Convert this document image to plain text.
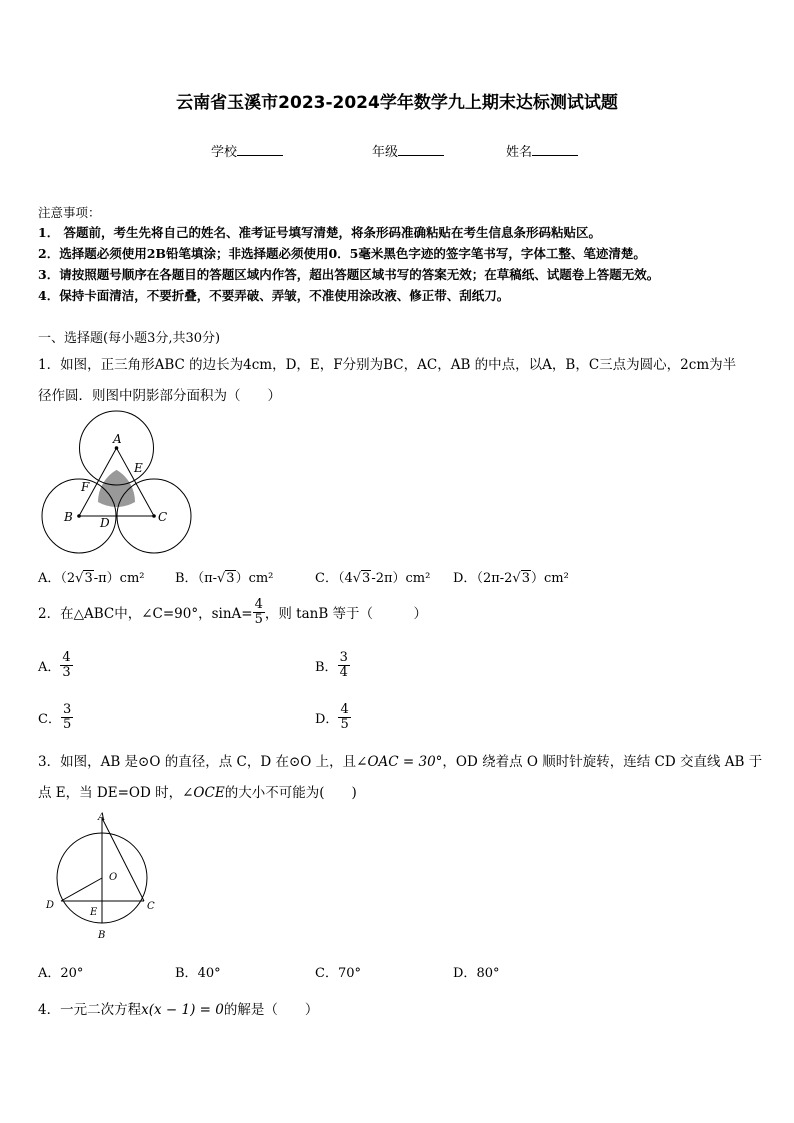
云南省玉溪市2023-2024学年数学九上期末达标测试试题
学校	年级	姓名
注意事项：
1． 答题前，考生先将自己的姓名、准考证号填写清楚，将条形码准确粘贴在考生信息条形码粘贴区。
2．选择题必须使用2B铅笔填涂；非选择题必须使用0．5毫米黑色字迹的签字笔书写，字体工整、笔迹清楚。
3．请按照题号顺序在各题目的答题区域内作答，超出答题区域书写的答案无效；在草稿纸、试题卷上答题无效。
4．保持卡面清洁，不要折叠，不要弄破、弄皱，不准使用涂改液、修正带、刮纸刀。
一、选择题(每小题3分,共30分)
1．如图，正三角形ABC 的边长为4cm，D，E，F分别为BC，AC，AB 的中点，以A，B，C三点为圆心，2cm为半
径作圆．则图中阴影部分面积为（　　）
A
E
F
B D	C
A．（2√3-π）cm² B．（π-√3）cm²	C．（4√3-2π）cm² D．（2π-2√3）cm²
2．在△ABC中，∠C=90°，$\sin A= \frac{4}{5}$ ，则 tanB 等于（　　　）
A． $\frac{4}{3}$	B． $\frac{3}{4}$
C． $\frac{3}{5}$	D． $\frac{4}{5}$
3．如图，AB 是⊙O 的直径，点 C，D 在⊙O 上，且∠OAC = 30°，OD 绕着点 O 顺时针旋转，连结 CD 交直线 AB 于
点 E，当 DE=OD 时，∠OCE的大小不可能为(　　)
A
O
D
E
C
B
A．20°	B．40°	C．70°	D．80°
4．一元二次方程x(x − 1) = 0的解是（　　）
